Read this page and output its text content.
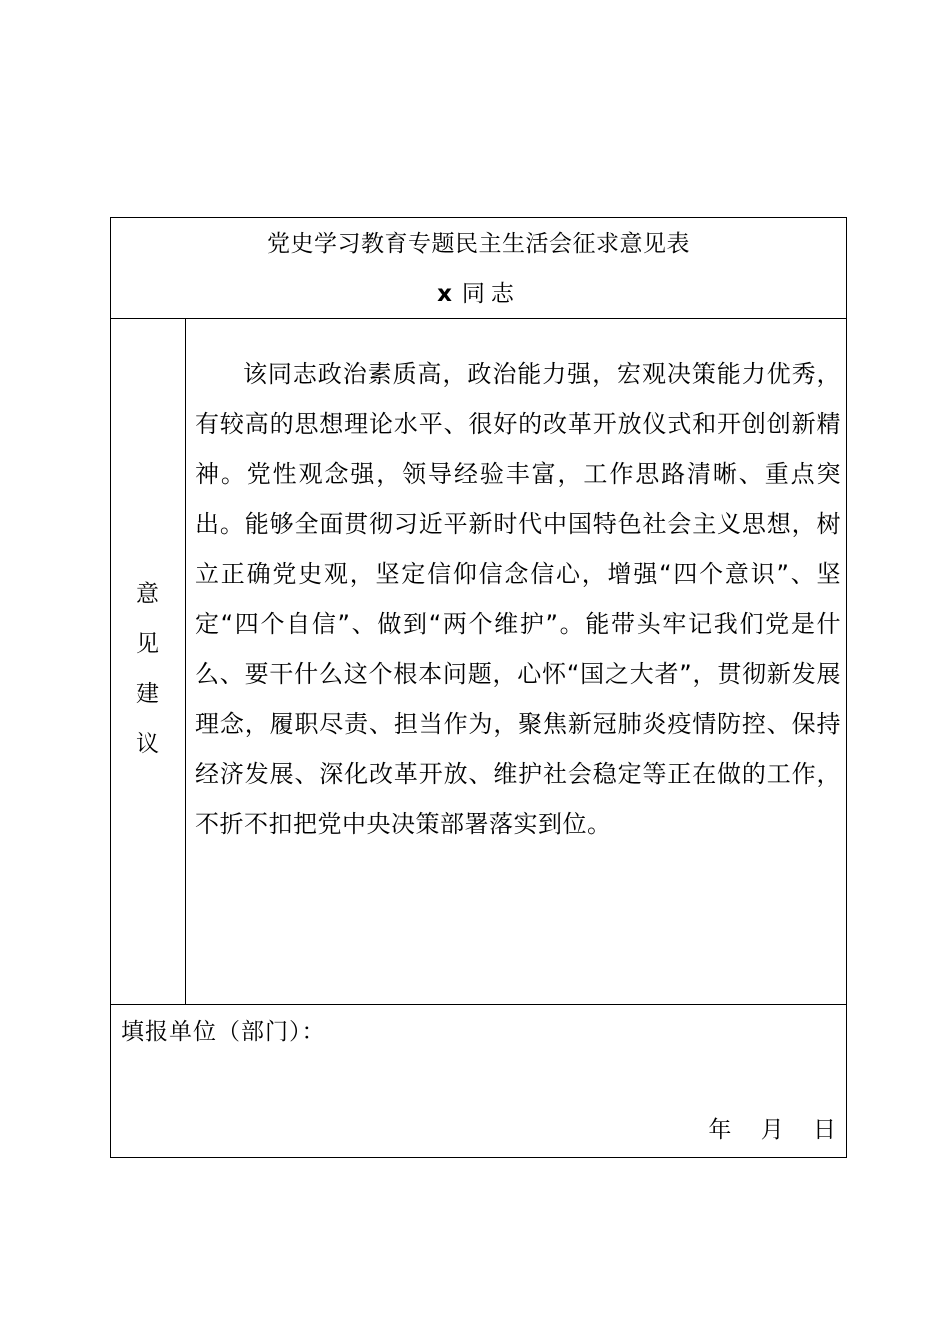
党史学习教育专题民主生活会征求意见表
x 同志
意
见
建
议

该同志政治素质高，政治能力强，宏观决策能力优秀，有较高的思想理论水平、很好的改革开放仪式和开创创新精神。党性观念强，领导经验丰富，工作思路清晰、重点突出。能够全面贯彻习近平新时代中国特色社会主义思想，树立正确党史观，坚定信仰信念信心，增强“四个意识”、坚定“四个自信”、做到“两个维护”。能带头牢记我们党是什么、要干什么这个根本问题，心怀“国之大者”，贯彻新发展理念，履职尽责、担当作为，聚焦新冠肺炎疫情防控、保持经济发展、深化改革开放、维护社会稳定等正在做的工作，不折不扣把党中央决策部署落实到位。

填报单位（部门）：
年 月 日
